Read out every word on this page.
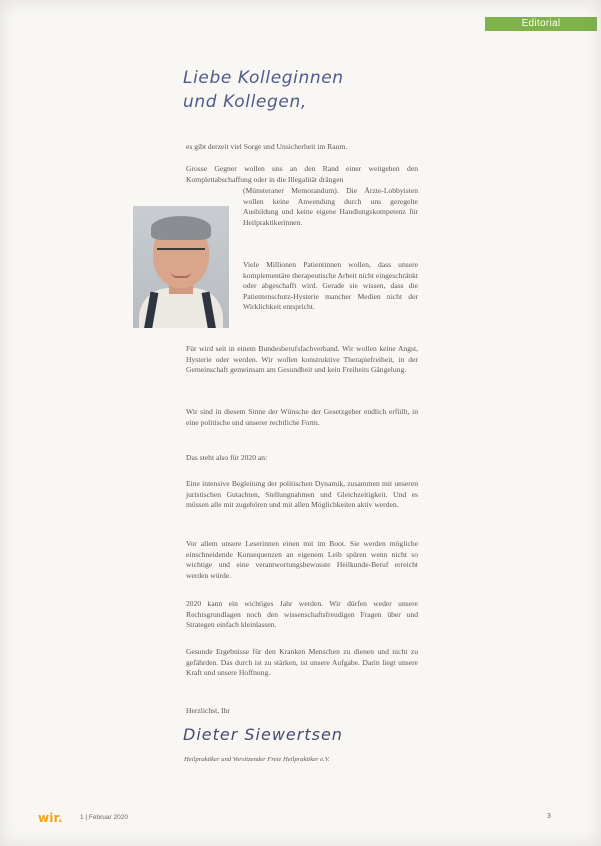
Editorial
Liebe Kolleginnen
und Kollegen,

es gibt derzeit viel Sorge und Unsicherheit im Raum.

Grosse Gegner wollen uns an den Rand einer weitgehen den Komplettabschaffung oder in die Illegalität drängen

(Münsteraner Memorandum). Die Ärzte-Lobbyisten wollen keine Anwendung durch uns geregelte Ausbildung und keine eigene Handlungskompetenz für Heilpraktikerinnen.

Viele Millionen Patientinnen wollen, dass unsere komplementäre therapeutische Arbeit nicht eingeschränkt oder abgeschafft wird. Gerade sie wissen, dass die Patientenschutz-Hysterie mancher Medien nicht der Wirklichkeit entspricht.

Für wird seit in einem Bundesberufsfachverband. Wir wollen keine Angst, Hysterie oder werden. Wir wollen konstruktive Therapiefreiheit, in der Gemeinschaft gemeinsam am Gesundheit und kein Freiheits Gängelung.

Wir sind in diesem Sinne der Wünsche der Gesetzgeber endlich erfüllt, in eine politische und unserer rechtliche Form.

Das steht also für 2020 an:

Eine intensive Begleitung der politischen Dynamik, zusammen mit unseren juristischen Gutachten, Stellungnahmen und Gleichzeitigkeit. Und es müssen alle mit zugehören und mit allen Möglichkeiten aktiv werden.

Vor allem unsere Leserinnen einen mit im Boot. Sie werden mögliche einschneidende Konsequenzen an eigenem Leib spüren wenn nicht so wichtige und eine verantwortungsbewusste Heilkunde-Beruf erreicht werden würde.

2020 kann ein wichtiges Jahr werden. Wir dürfen weder unsere Rechtsgrundlagen noch den wissenschaftsfreudigen Fragen über und Strategen einfach kleinlassen.

Gesunde Ergebnisse für den Kranken Menschen zu dienen und nicht zu gefährden. Das durch ist zu stärken, ist unsere Aufgabe. Darin liegt unsere Kraft und unsere Hoffnung.

Herzlichst, Ihr

Dieter Siewertsen

Heilpraktiker und Vorsitzender Freie Heilpraktiker e.V.

wir.	1 | Februar 2020	3
